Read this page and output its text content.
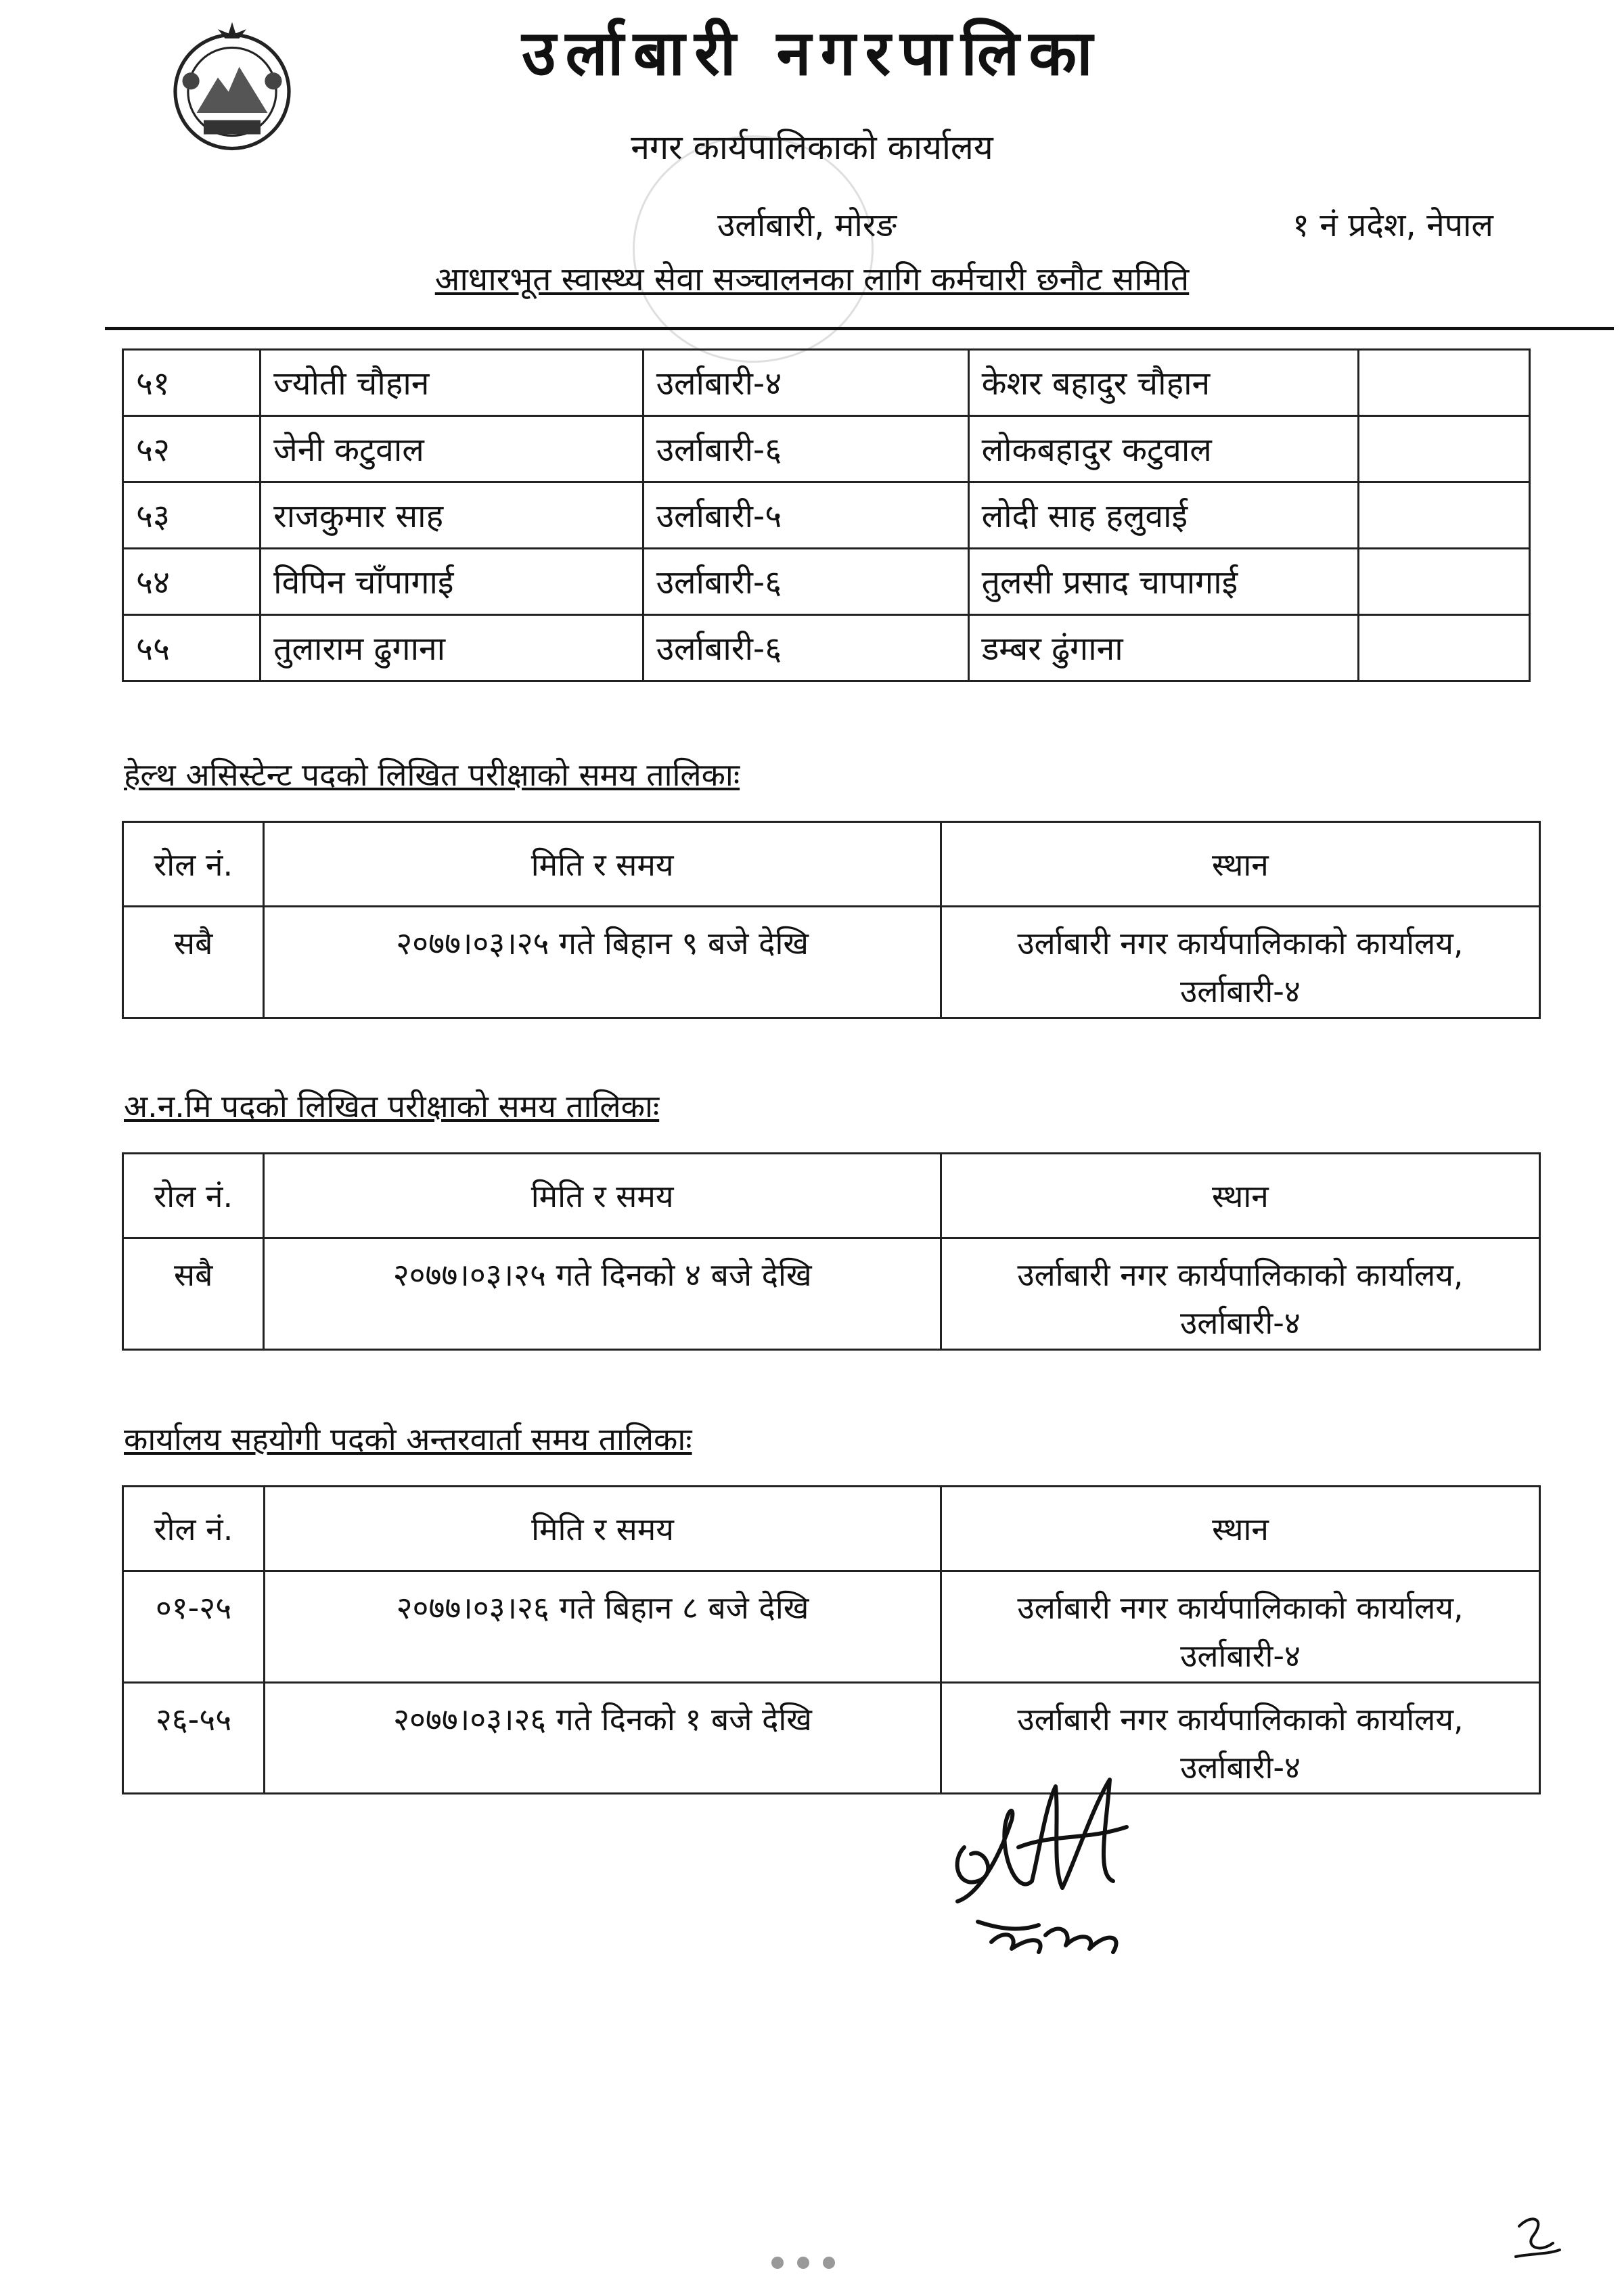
उर्लाबारी नगरपालिका
नगर कार्यपालिकाको कार्यालय
उर्लाबारी, मोरङ	१ नं प्रदेश, नेपाल
आधारभूत स्वास्थ्य सेवा सञ्चालनका लागि कर्मचारी छनौट समिति
५१	ज्योती चौहान	उर्लाबारी-४	केशर बहादुर चौहान	
५२	जेनी कटुवाल	उर्लाबारी-६	लोकबहादुर कटुवाल	
५३	राजकुमार साह	उर्लाबारी-५	लोदी साह हलुवाई	
५४	विपिन चाँपागाई	उर्लाबारी-६	तुलसी प्रसाद चापागाई	
५५	तुलाराम ढुगाना	उर्लाबारी-६	डम्बर ढुंगाना	
हेल्थ असिस्टेन्ट पदको लिखित परीक्षाको समय तालिकाः
रोल नं.	मिति र समय	स्थान
सबै	२०७७।०३।२५ गते बिहान ९ बजे देखि	उर्लाबारी नगर कार्यपालिकाको कार्यालय,
उर्लाबारी-४
अ.न.मि पदको लिखित परीक्षाको समय तालिकाः
रोल नं.	मिति र समय	स्थान
सबै	२०७७।०३।२५ गते दिनको ४ बजे देखि	उर्लाबारी नगर कार्यपालिकाको कार्यालय,
उर्लाबारी-४
कार्यालय सहयोगी पदको अन्तरवार्ता समय तालिकाः
रोल नं.	मिति र समय	स्थान
०१-२५	२०७७।०३।२६ गते बिहान ८ बजे देखि	उर्लाबारी नगर कार्यपालिकाको कार्यालय,
उर्लाबारी-४

२६-५५	२०७७।०३।२६ गते दिनको १ बजे देखि	उर्लाबारी नगर कार्यपालिकाको कार्यालय,
उर्लाबारी-४
